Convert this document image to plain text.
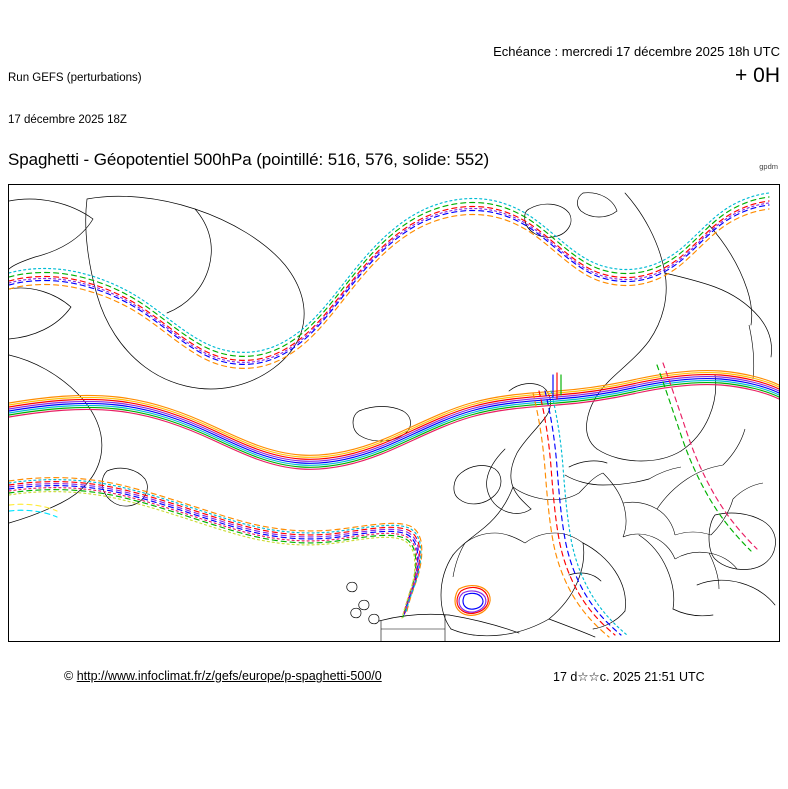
Run GEFS (perturbations)

17 décembre 2025 18Z

Echéance : mercredi 17 décembre 2025 18h UTC
+ 0H
Spaghetti - Géopotentiel 500hPa (pointillé: 516, 576, solide: 552)	gpdm
© http://www.infoclimat.fr/z/gefs/europe/p-spaghetti-500/0	17 d☆☆c. 2025 21:51 UTC
